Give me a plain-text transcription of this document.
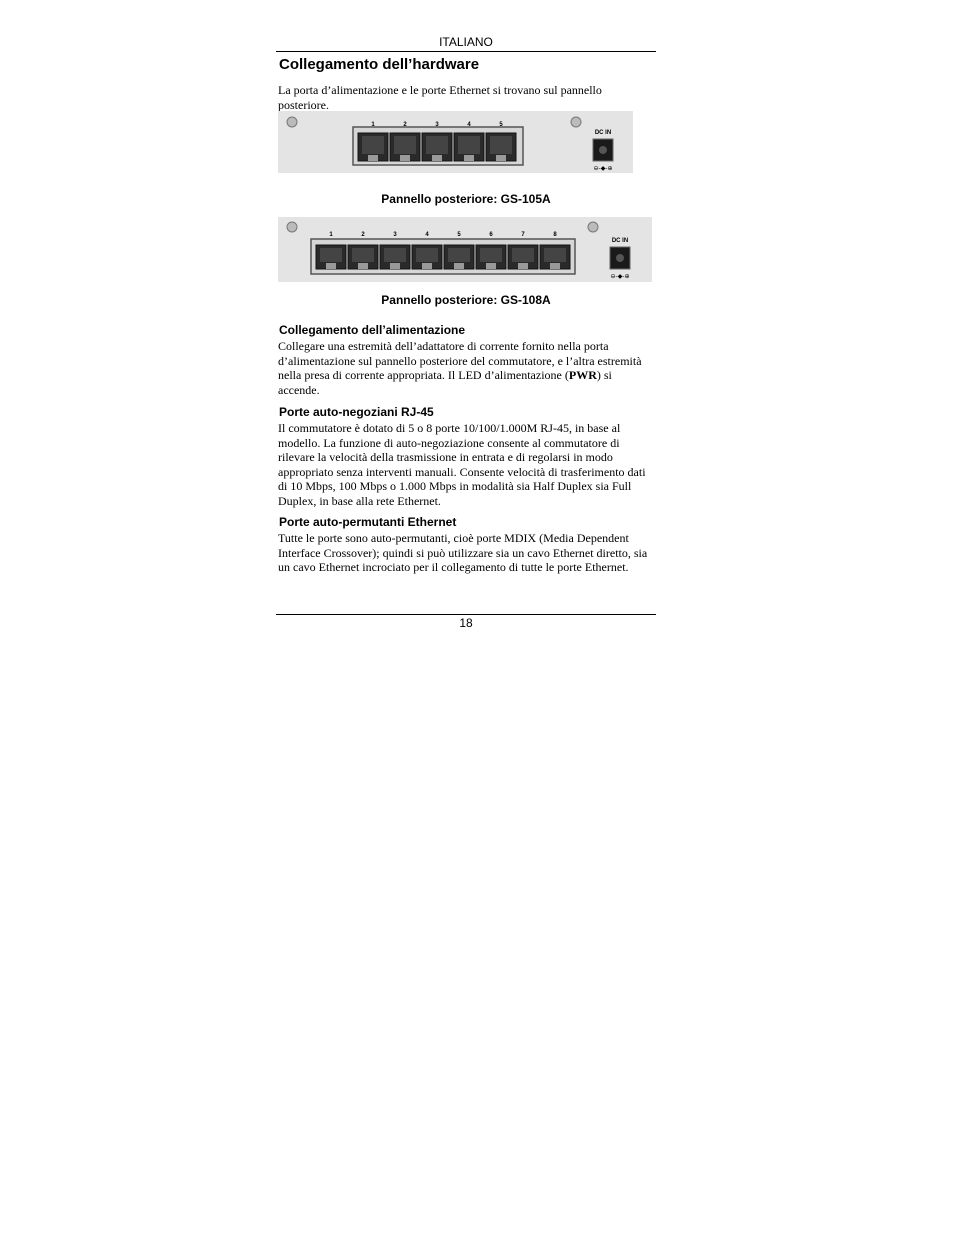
ITALIANO
Collegamento dell’hardware

La porta d’alimentazione e le porte Ethernet si trovano sul pannello posteriore.

1	2	3	4	5
DC IN
⊖-◆-⊕
Pannello posteriore: GS-105A
1	2	3	4	5	6	7	8
DC IN
⊖-◆-⊕
Pannello posteriore: GS-108A
Collegamento dell’alimentazione

Collegare una estremità dell’adattatore di corrente fornito nella porta d’alimentazione sul pannello posteriore del commutatore, e l’altra estremità nella presa di corrente appropriata. Il LED d’alimentazione (PWR) si accende.

Porte auto-negoziani RJ-45

Il commutatore è dotato di 5 o 8 porte 10/100/1.000M RJ-45, in base al modello. La funzione di auto-negoziazione consente al commutatore di rilevare la velocità della trasmissione in entrata e di regolarsi in modo appropriato senza interventi manuali. Consente velocità di trasferimento dati di 10 Mbps, 100 Mbps o 1.000 Mbps in modalità sia Half Duplex sia Full Duplex, in base alla rete Ethernet.

Porte auto-permutanti Ethernet

Tutte le porte sono auto-permutanti, cioè porte MDIX (Media Dependent Interface Crossover); quindi si può utilizzare sia un cavo Ethernet diretto, sia un cavo Ethernet incrociato per il collegamento di tutte le porte Ethernet.

18
